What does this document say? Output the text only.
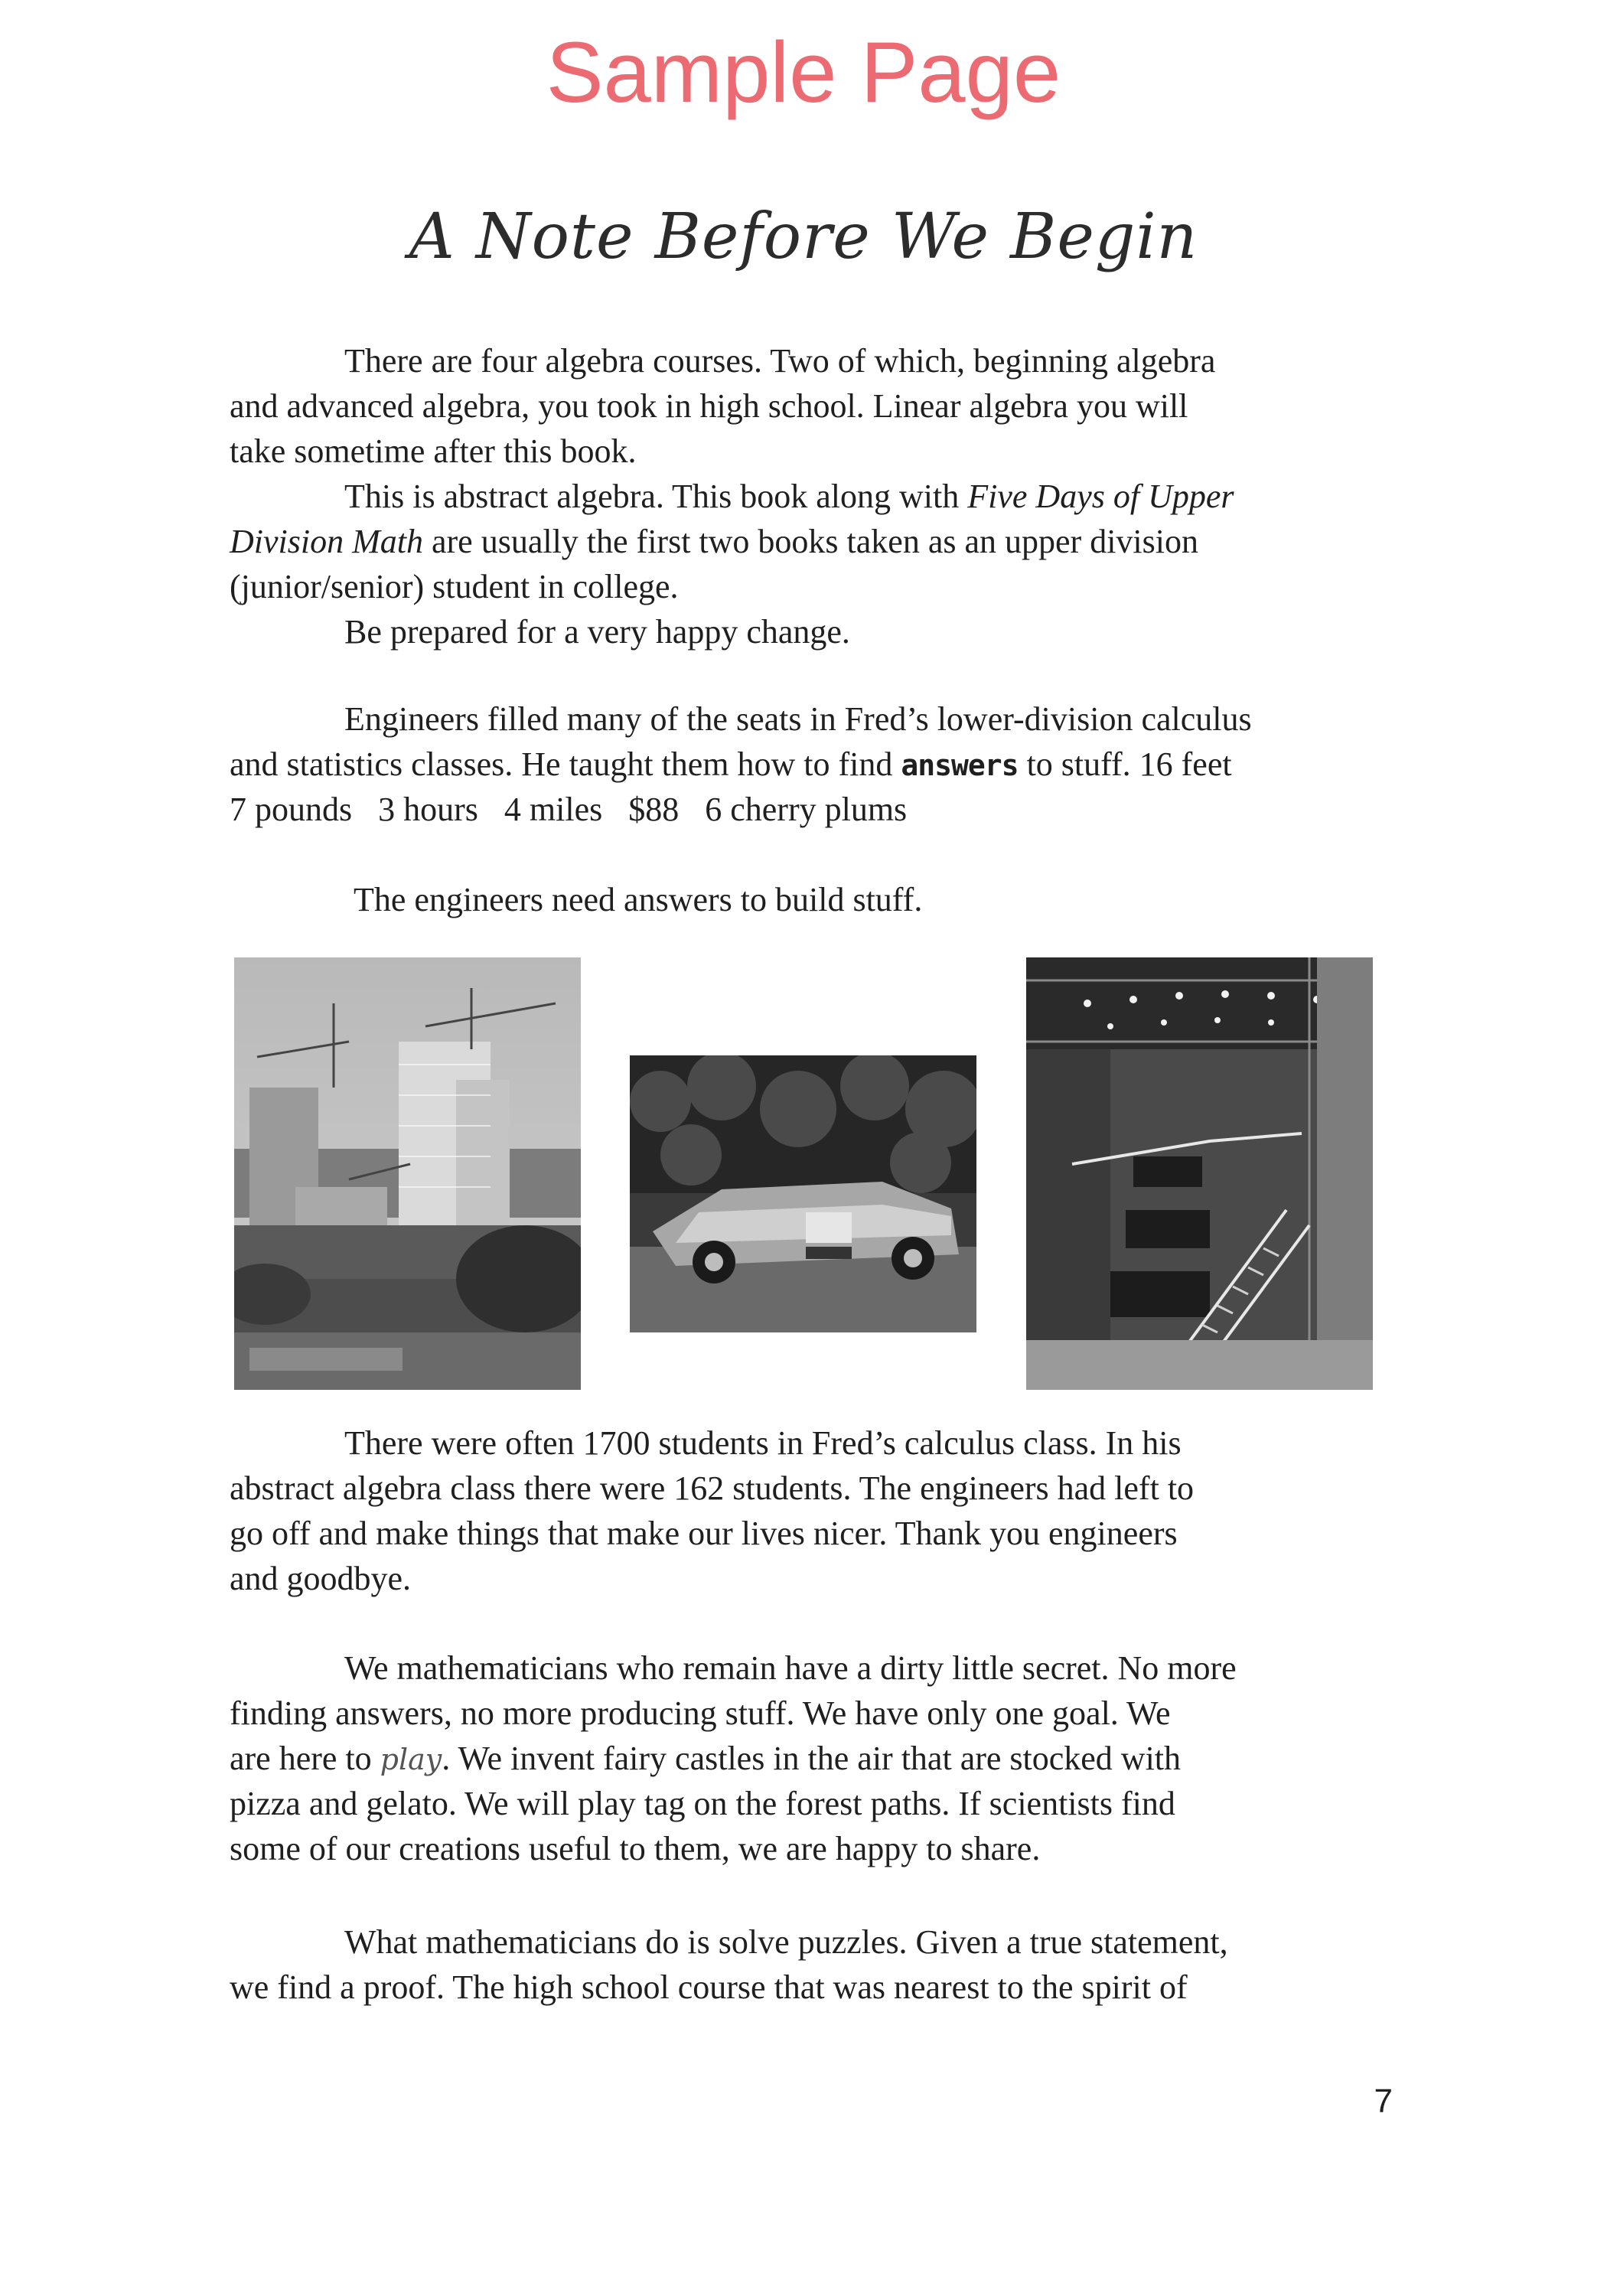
Sample Page
A Note Before We Begin
There are four algebra courses. Two of which, beginning algebra
and advanced algebra, you took in high school. Linear algebra you will
take sometime after this book.
This is abstract algebra. This book along with Five Days of Upper
Division Math are usually the first two books taken as an upper division
(junior/senior) student in college.
Be prepared for a very happy change.
Engineers filled many of the seats in Fred’s lower-division calculus
and statistics classes. He taught them how to find answers to stuff. 16 feet
7 pounds 3 hours 4 miles $88 6 cherry plums
The engineers need answers to build stuff.
There were often 1700 students in Fred’s calculus class. In his
abstract algebra class there were 162 students. The engineers had left to
go off and make things that make our lives nicer. Thank you engineers
and goodbye.
We mathematicians who remain have a dirty little secret. No more
finding answers, no more producing stuff. We have only one goal. We
are here to play. We invent fairy castles in the air that are stocked with
pizza and gelato. We will play tag on the forest paths. If scientists find
some of our creations useful to them, we are happy to share.
What mathematicians do is solve puzzles. Given a true statement,
we find a proof. The high school course that was nearest to the spirit of
7
